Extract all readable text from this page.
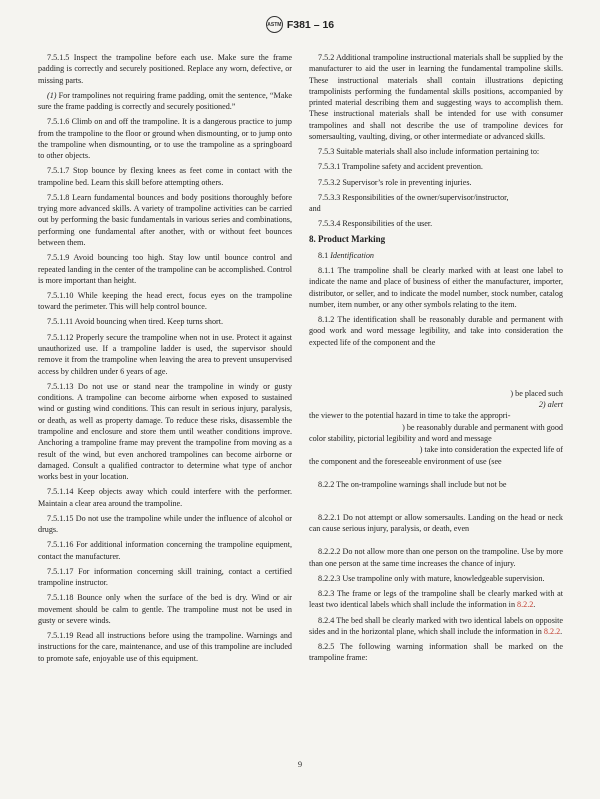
ASTM F381 – 16

7.5.1.5 Inspect the trampoline before each use. Make sure the frame padding is correctly and securely positioned. Replace any worn, defective, or missing parts.

(1) For trampolines not requiring frame padding, omit the sentence, “Make sure the frame padding is correctly and securely positioned.”

7.5.1.6 Climb on and off the trampoline. It is a dangerous practice to jump from the trampoline to the floor or ground when dismounting, or to jump onto the trampoline when dismounting, or to use the trampoline as a springboard to other objects.

7.5.1.7 Stop bounce by flexing knees as feet come in contact with the trampoline bed. Learn this skill before attempting others.

7.5.1.8 Learn fundamental bounces and body positions thoroughly before trying more advanced skills. A variety of trampoline activities can be carried out by performing the basic fundamentals in various series and combinations, performing one fundamental after another, with or without feet bounces between them.

7.5.1.9 Avoid bouncing too high. Stay low until bounce control and repeated landing in the center of the trampoline can be accomplished. Control is more important than height.

7.5.1.10 While keeping the head erect, focus eyes on the trampoline toward the perimeter. This will help control bounce.

7.5.1.11 Avoid bouncing when tired. Keep turns short.

7.5.1.12 Properly secure the trampoline when not in use. Protect it against unauthorized use. If a trampoline ladder is used, the supervisor should remove it from the trampoline when leaving the area to prevent unsupervised access by children under 6 years of age.

7.5.1.13 Do not use or stand near the trampoline in windy or gusty conditions. A trampoline can become airborne when exposed to sustained wind or gusting wind conditions. This can result in serious injury, paralysis, or death, as well as property damage. To reduce these risks, disassemble the trampoline and enclosure and store them until weather conditions improve. Anchoring a trampoline frame may prevent the trampoline from moving as a result of the wind, but even anchored trampolines can become airborne or damaged. Consult a qualified contractor to determine what type of anchor works best in your location.

7.5.1.14 Keep objects away which could interfere with the performer. Maintain a clear area around the trampoline.

7.5.1.15 Do not use the trampoline while under the influence of alcohol or drugs.

7.5.1.16 For additional information concerning the trampoline equipment, contact the manufacturer.

7.5.1.17 For information concerning skill training, contact a certified trampoline instructor.

7.5.1.18 Bounce only when the surface of the bed is dry. Wind or air movement should be calm to gentle. The trampoline must not be used in gusty or severe winds.

7.5.1.19 Read all instructions before using the trampoline. Warnings and instructions for the care, maintenance, and use of this trampoline are included to promote safe, enjoyable use of this equipment.

7.5.2 Additional trampoline instructional materials shall be supplied by the manufacturer to aid the user in learning the fundamental trampoline skills. These instructional materials shall contain illustrations depicting trampolinists performing the fundamental skills positions, accompanied by printed material describing them and suggesting ways to accomplish them. These instructional materials shall be intended for use with consumer trampolines and shall not describe the use of trampoline devices for somersaulting, vaulting, diving, or other intermediate or advanced skills.

7.5.3 Suitable materials shall also include information pertaining to:

7.5.3.1 Trampoline safety and accident prevention.

7.5.3.2 Supervisor’s role in preventing injuries.

7.5.3.3 Responsibilities of the owner/supervisor/instructor,

and

7.5.3.4 Responsibilities of the user.

8. Product Marking

8.1 Identification

8.1.1 The trampoline shall be clearly marked with at least one label to indicate the name and place of business of either the manufacturer, importer, distributor, or seller, and to indicate the model number, stock number, catalog number, item number, or any other symbols relating to the item.

8.1.2 The identification shall be reasonably durable and permanent with good work and word message legibility, and take into consideration the expected life of the component and the

) be placed such

2) alert

the viewer to the potential hazard in time to take the appropri-

) be reasonably durable and permanent with good

color stability, pictorial legibility and word and message

) take into consideration the expected life of

the component and the foreseeable environment of use (see

8.2.2 The on-trampoline warnings shall include but not be

8.2.2.1 Do not attempt or allow somersaults. Landing on the head or neck can cause serious injury, paralysis, or death, even

8.2.2.2 Do not allow more than one person on the trampoline. Use by more than one person at the same time increases the chance of injury.

8.2.2.3 Use trampoline only with mature, knowledgeable supervision.

8.2.3 The frame or legs of the trampoline shall be clearly marked with at least two identical labels which shall include the information in 8.2.2.

8.2.4 The bed shall be clearly marked with two identical labels on opposite sides and in the horizontal plane, which shall include the information in 8.2.2.

8.2.5 The following warning information shall be marked on the trampoline frame:

9
